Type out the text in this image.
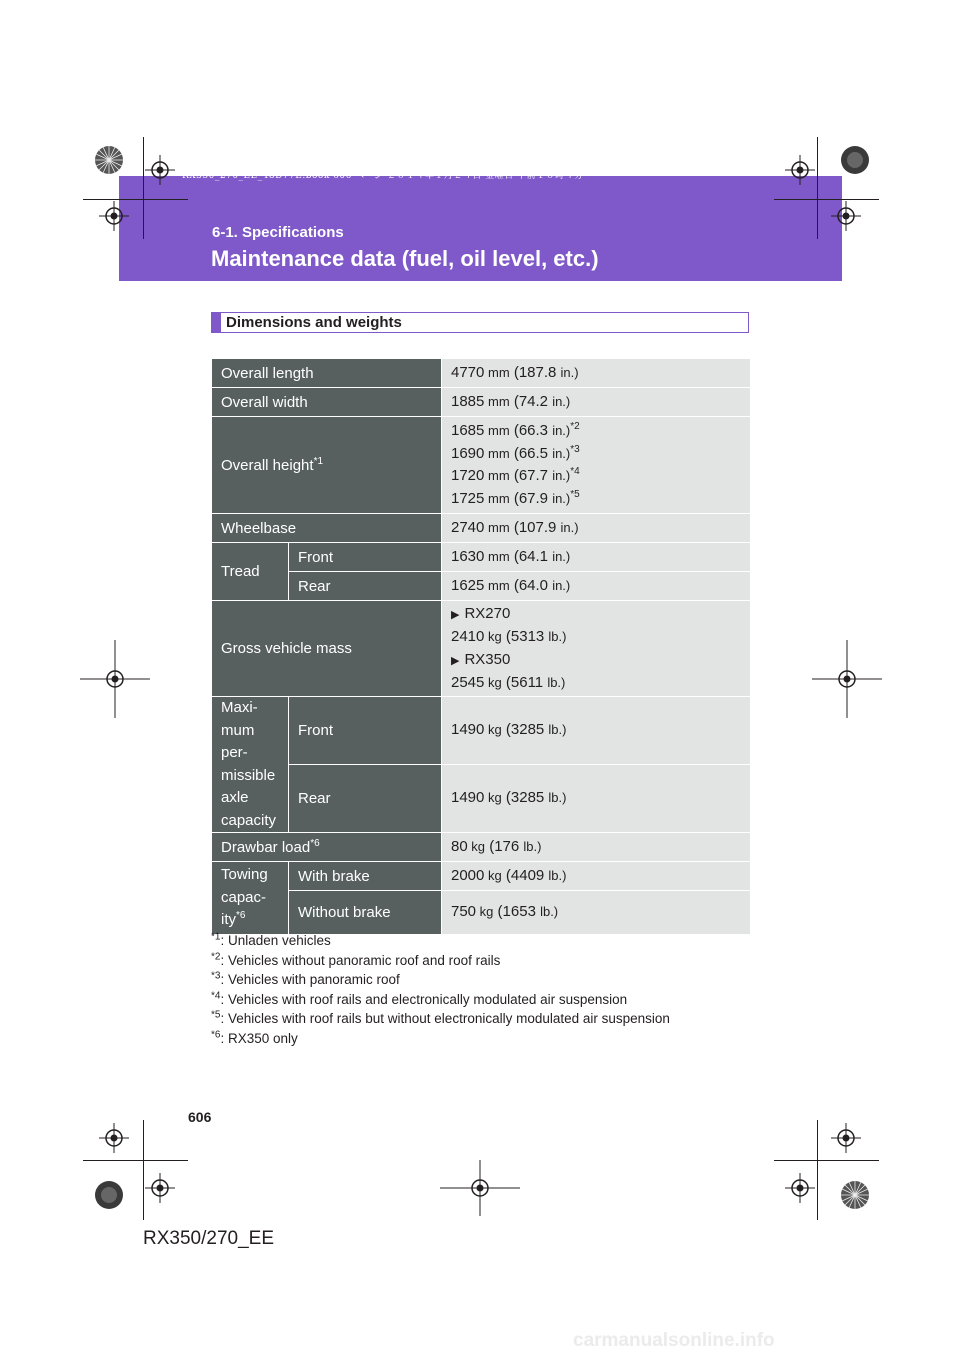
RX350_270_EE_48D77E.book 606 ページ ２０１４年１月２４日 金曜日 午前１０時４分
6-1. Specifications
Maintenance data (fuel, oil level, etc.)
Dimensions and weights
Overall length		4770 mm (187.8 in.)
Overall width		1885 mm (74.2 in.)
Overall height$^{*1}$		1685 mm (66.3 in.)$^{*2}$
1690 mm (66.5 in.)$^{*3}$
1720 mm (67.7 in.)$^{*4}$
1725 mm (67.9 in.)$^{*5}$

Wheelbase		2740 mm (107.9 in.)
Tread	Front	1630 mm (64.1 in.)
	Rear	1625 mm (64.0 in.)
Gross vehicle mass		▶ RX270
2410 kg (5313 lb.)
▶ RX350
2545 kg (5611 lb.)

Maxi-
mum per-
missible
axle
capacity	Front	1490 kg (3285 lb.)
	Rear	1490 kg (3285 lb.)
Drawbar load$^{*6}$		80 kg (176 lb.)

Towing
capac-
ity$^{*6}$	With brake	2000 kg (4409 lb.)
	Without brake	750 kg (1653 lb.)
$^{*1}$: Unladen vehicles
$^{*2}$: Vehicles without panoramic roof and roof rails
$^{*3}$: Vehicles with panoramic roof
$^{*4}$: Vehicles with roof rails and electronically modulated air suspension
$^{*5}$: Vehicles with roof rails but without electronically modulated air suspension
$^{*6}$: RX350 only
606
RX350/270_EE
carmanualsonline.info
